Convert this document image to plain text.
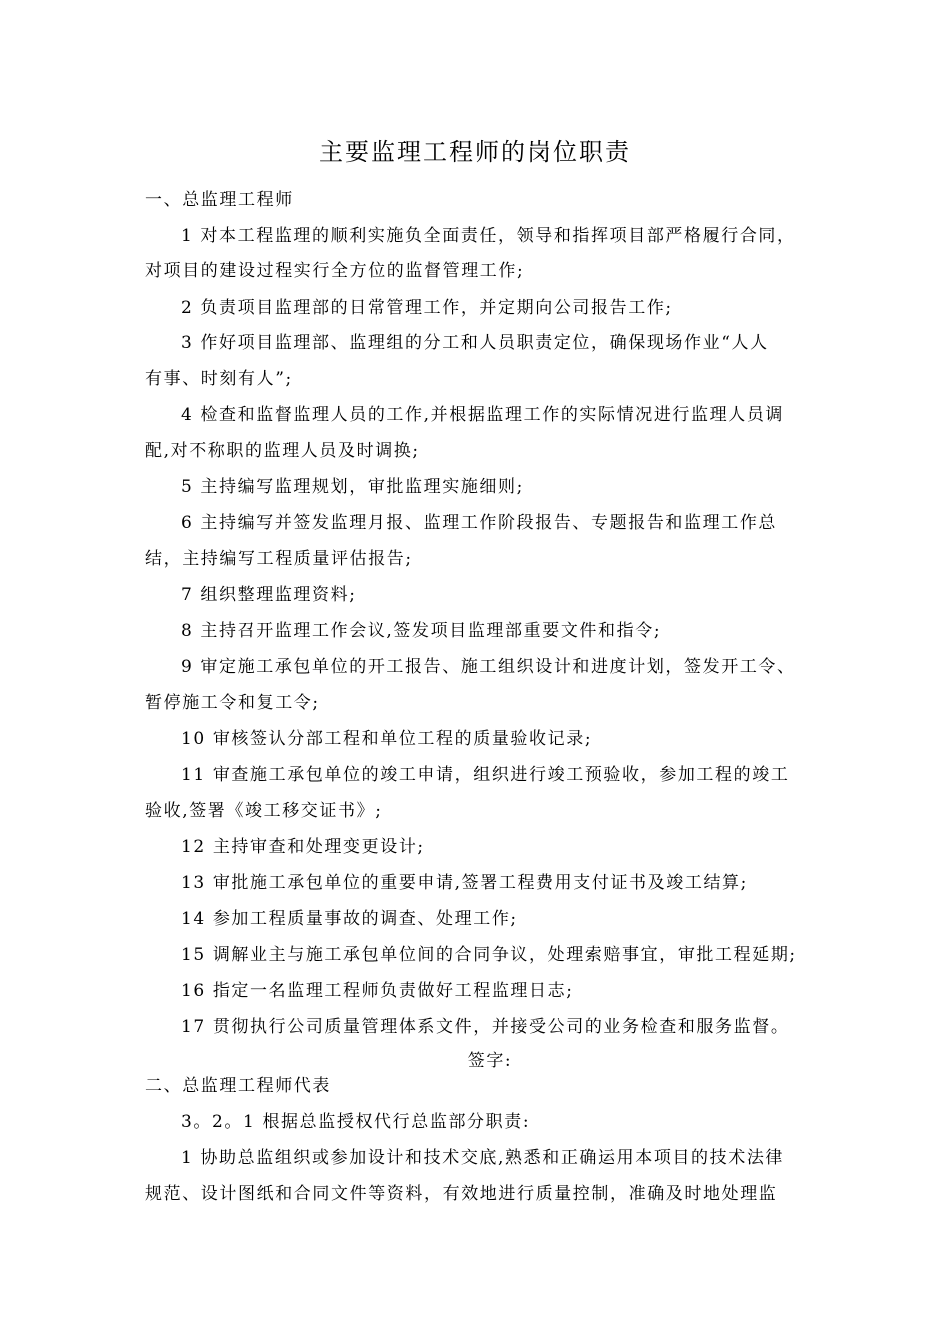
主要监理工程师的岗位职责
一、总监理工程师
1 对本工程监理的顺利实施负全面责任，领导和指挥项目部严格履行合同，
对项目的建设过程实行全方位的监督管理工作;
2 负责项目监理部的日常管理工作，并定期向公司报告工作;
3 作好项目监理部、监理组的分工和人员职责定位，确保现场作业“人人
有事、时刻有人”;
4 检查和监督监理人员的工作,并根据监理工作的实际情况进行监理人员调
配,对不称职的监理人员及时调换;
5 主持编写监理规划，审批监理实施细则;
6 主持编写并签发监理月报、监理工作阶段报告、专题报告和监理工作总
结，主持编写工程质量评估报告;
7 组织整理监理资料;
8 主持召开监理工作会议,签发项目监理部重要文件和指令;
9 审定施工承包单位的开工报告、施工组织设计和进度计划，签发开工令、
暂停施工令和复工令;
10 审核签认分部工程和单位工程的质量验收记录;
11 审查施工承包单位的竣工申请，组织进行竣工预验收，参加工程的竣工
验收,签署《竣工移交证书》;
12 主持审查和处理变更设计;
13 审批施工承包单位的重要申请,签署工程费用支付证书及竣工结算;
14 参加工程质量事故的调查、处理工作;
15 调解业主与施工承包单位间的合同争议，处理索赔事宜，审批工程延期;
16 指定一名监理工程师负责做好工程监理日志;
17 贯彻执行公司质量管理体系文件，并接受公司的业务检查和服务监督。
签字:
二、总监理工程师代表
3。2。1 根据总监授权代行总监部分职责:
1 协助总监组织或参加设计和技术交底,熟悉和正确运用本项目的技术法律
规范、设计图纸和合同文件等资料，有效地进行质量控制，准确及时地处理监
